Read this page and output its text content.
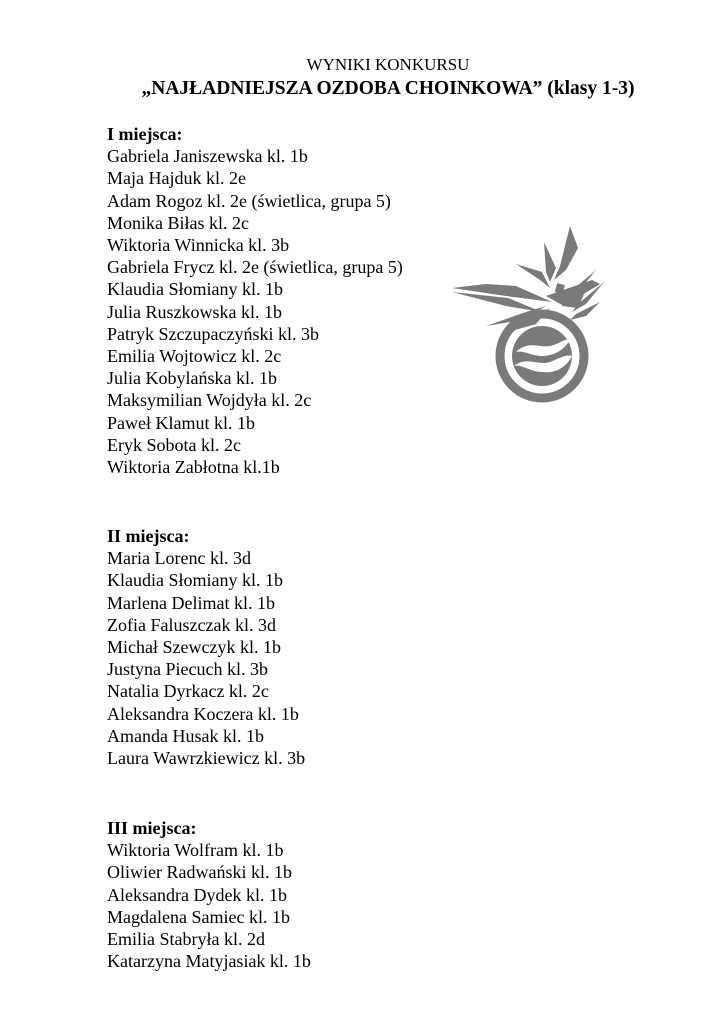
WYNIKI KONKURSU
„NAJŁADNIEJSZA OZDOBA CHOINKOWA” (klasy 1-3)

I miejsca:

Gabriela Janiszewska kl. 1b
Maja Hajduk kl. 2e
Adam Rogoz kl. 2e (świetlica, grupa 5)
Monika Biłas kl. 2c
Wiktoria Winnicka kl. 3b
Gabriela Frycz kl. 2e (świetlica, grupa 5)
Klaudia Słomiany kl. 1b
Julia Ruszkowska kl. 1b
Patryk Szczupaczyński kl. 3b
Emilia Wojtowicz kl. 2c
Julia Kobylańska kl. 1b
Maksymilian Wojdyła kl. 2c
Paweł Klamut kl. 1b
Eryk Sobota kl. 2c
Wiktoria Zabłotna kl.1b

II miejsca:

Maria Lorenc kl. 3d
Klaudia Słomiany kl. 1b
Marlena Delimat kl. 1b
Zofia Faluszczak kl. 3d
Michał Szewczyk kl. 1b
Justyna Piecuch kl. 3b
Natalia Dyrkacz kl. 2c
Aleksandra Koczera kl. 1b
Amanda Husak kl. 1b
Laura Wawrzkiewicz kl. 3b

III miejsca:

Wiktoria Wolfram kl. 1b
Oliwier Radwański kl. 1b
Aleksandra Dydek kl. 1b
Magdalena Samiec kl. 1b
Emilia Stabryła kl. 2d
Katarzyna Matyjasiak kl. 1b
